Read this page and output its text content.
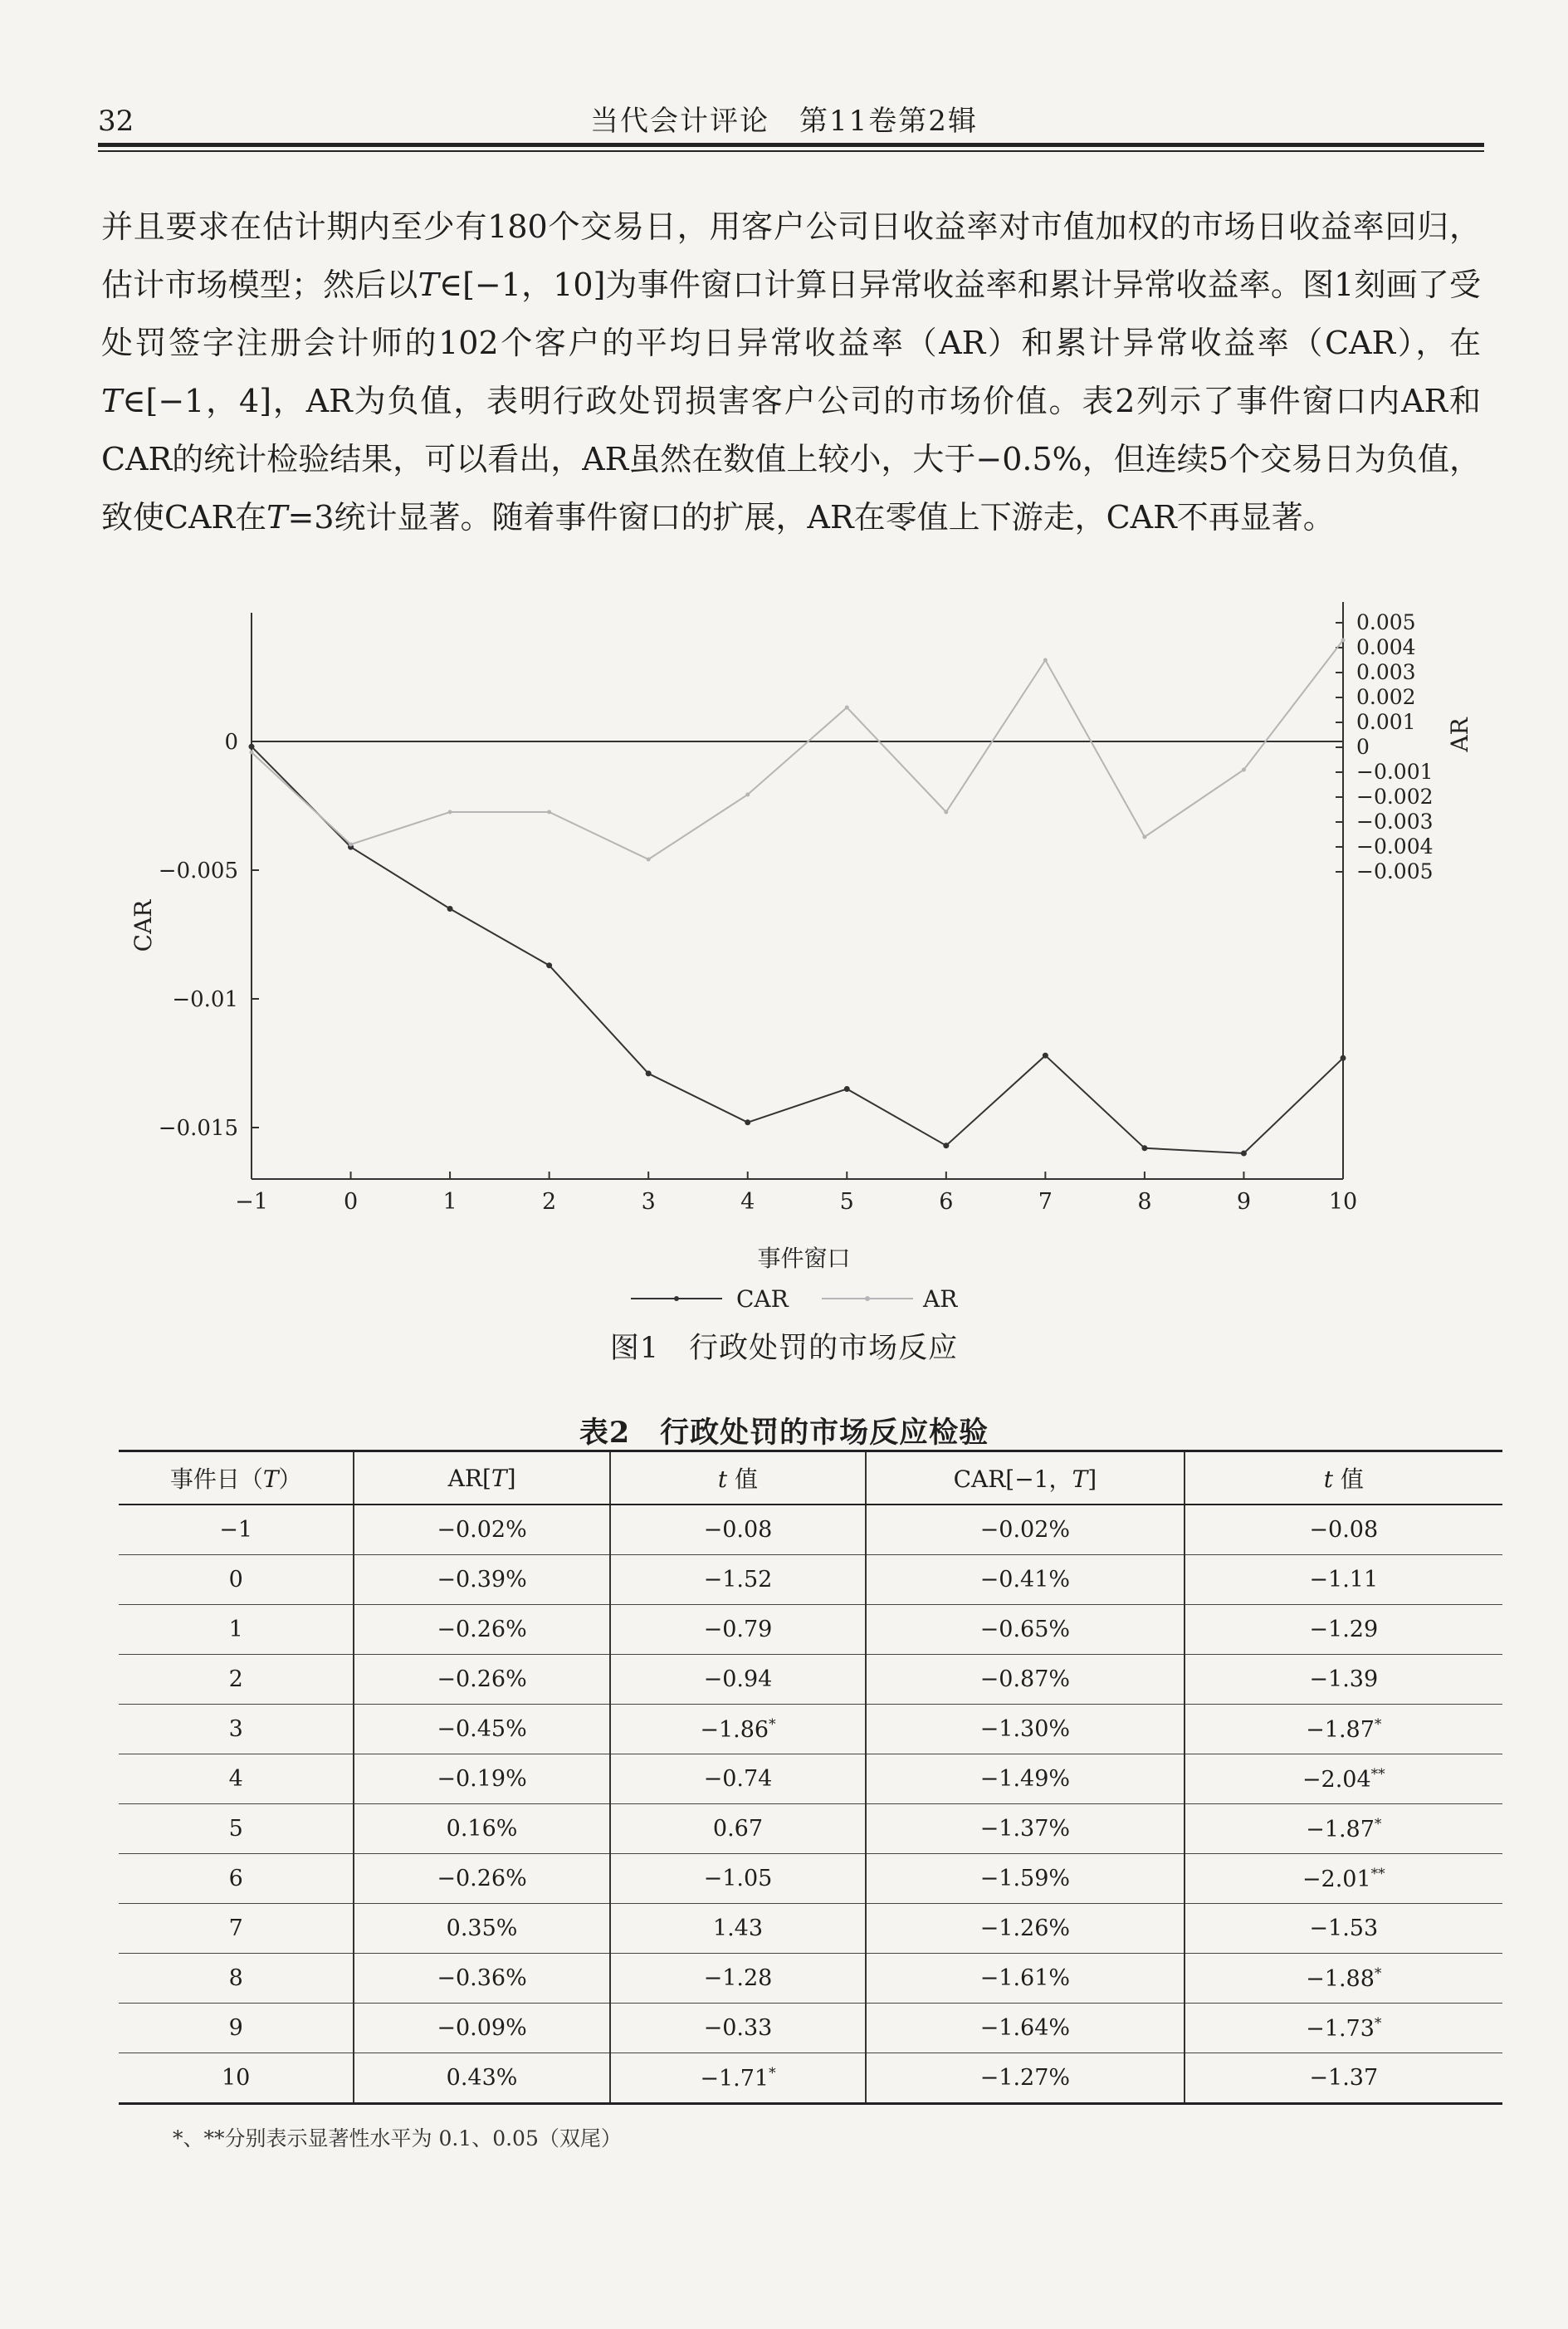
32	当代会计评论　第11卷第2辑

并且要求在估计期内至少有180个交易日，用客户公司日收益率对市值加权的市场日收益率回归，估计市场模型；然后以T∈[−1，10]为事件窗口计算日异常收益率和累计异常收益率。图1刻画了受处罚签字注册会计师的102个客户的平均日异常收益率（AR）和累计异常收益率（CAR），在T∈[−1，4]，AR为负值，表明行政处罚损害客户公司的市场价值。表2列示了事件窗口内AR和CAR的统计检验结果，可以看出，AR虽然在数值上较小，大于−0.5%，但连续5个交易日为负值，致使CAR在T=3统计显著。随着事件窗口的扩展，AR在零值上下游走，CAR不再显著。

0
−0.005
−0.01
−0.015
CAR
0.005
0.004
0.003
0.002
0.001
0
−0.001
−0.002
−0.003
−0.004
−0.005
AR
−1	0	1	2	3	4	5	6	7	8	9	10
事件窗口
CAR	AR
图1　行政处罚的市场反应
表2　行政处罚的市场反应检验
事件日（T）	AR[T]	t 值	CAR[−1，T]	t 值
−1	−0.02%	−0.08	−0.02%	−0.08
0	−0.39%	−1.52	−0.41%	−1.11
1	−0.26%	−0.79	−0.65%	−1.29
2	−0.26%	−0.94	−0.87%	−1.39
3	−0.45%	−1.86*	−1.30%	−1.87*
4	−0.19%	−0.74	−1.49%	−2.04**
5	0.16%	0.67	−1.37%	−1.87*
6	−0.26%	−1.05	−1.59%	−2.01**
7	0.35%	1.43	−1.26%	−1.53
8	−0.36%	−1.28	−1.61%	−1.88*
9	−0.09%	−0.33	−1.64%	−1.73*
10	0.43%	−1.71*	−1.27%	−1.37
*、**分别表示显著性水平为 0.1、0.05（双尾）
